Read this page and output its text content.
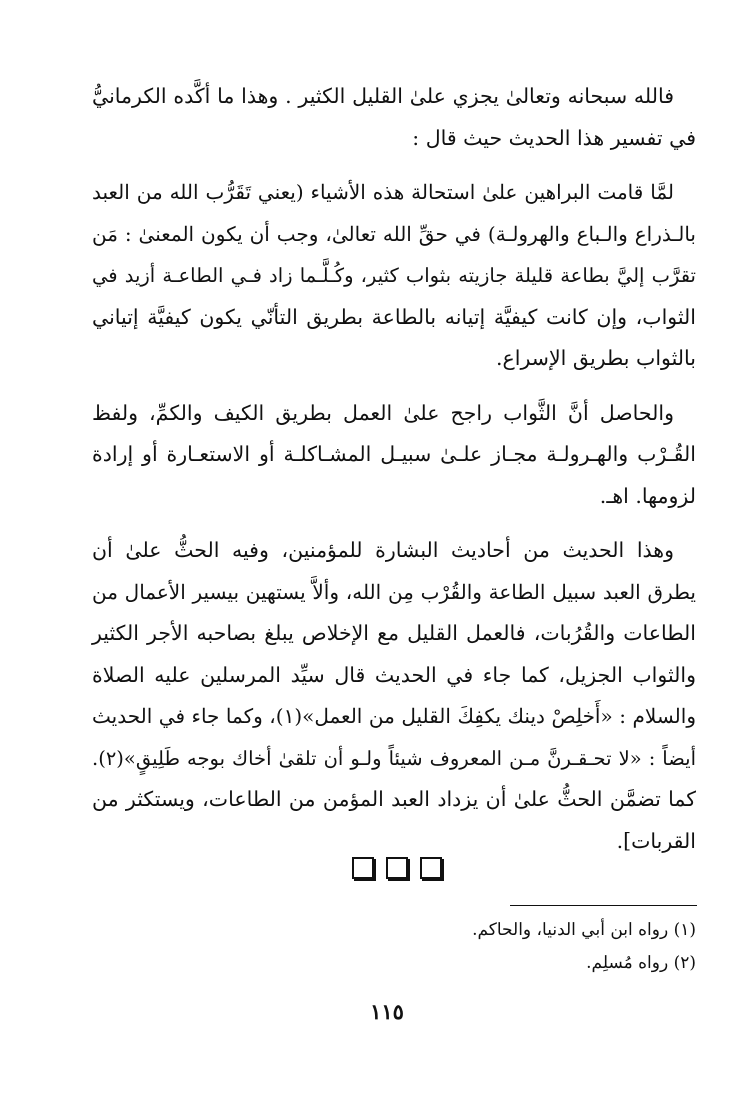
فالله سبحانه وتعالىٰ يجزي علىٰ القليل الكثير . وهذا ما أكَّده الكرمانيُّ
في تفسير هذا الحديث حيث قال :

لمَّا قامت البراهين علىٰ استحالة هذه الأشياء (يعني تَقَرُّب الله من العبد
بالـذراع والـباع والهرولـة) في حقِّ الله تعالىٰ، وجب أن يكون المعنىٰ : مَن
تقرَّب إليَّ بطاعة قليلة جازيته بثواب كثير، وكُـلَّـما زاد فـي الطاعـة أزيد في
الثواب، وإن كانت كيفيَّة إتيانه بالطاعة بطريق التأنّي يكون كيفيَّة إتياني
بالثواب بطريق الإسراع.

والحاصل أنَّ الثَّواب راجح علىٰ العمل بطريق الكيف والكمِّ، ولفظ
القُـرْب والهـرولـة مجـاز علـىٰ سبيـل المشـاكلـة أو الاستعـارة أو إرادة
لزومها. اهـ.

وهذا الحديث من أحاديث البشارة للمؤمنين، وفيه الحثُّ علىٰ أن
يطرق العبد سبيل الطاعة والقُرْب مِن الله، وألاَّ يستهين بيسير الأعمال من
الطاعات والقُرُبات، فالعمل القليل مع الإخلاص يبلغ بصاحبه الأجر الكثير
والثواب الجزيل، كما جاء في الحديث قال سيِّد المرسلين عليه الصلاة
والسلام : «أَخلِصْ دينك يكفِكَ القليل من العمل»(١)، وكما جاء في الحديث
أيضاً : «لا تحـقـرنَّ مـن المعروف شيئاً ولـو أن تلقىٰ أخاك بوجه طَلِيقٍ»(٢).
كما تضمَّن الحثُّ علىٰ أن يزداد العبد المؤمن من الطاعات، ويستكثر من
القربات].

(١) رواه ابن أبي الدنيا، والحاكم.
(٢) رواه مُسلِم.
١١٥
